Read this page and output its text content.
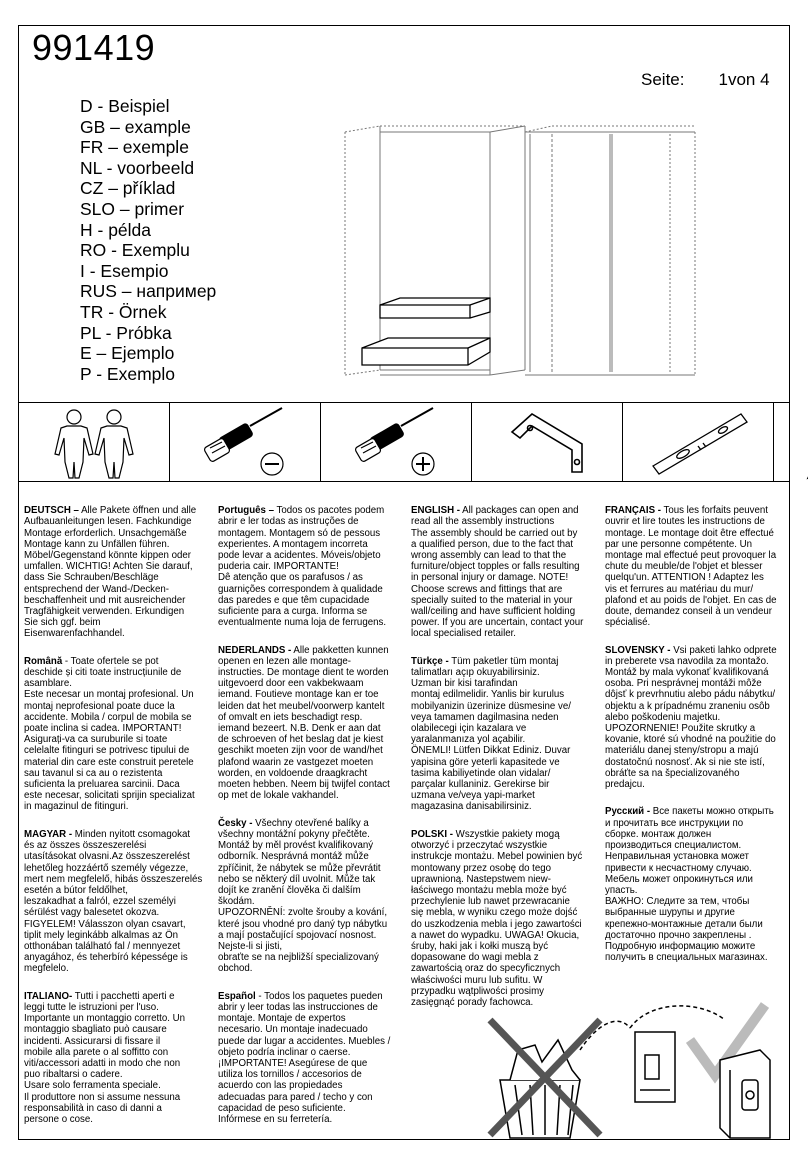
991419
Seite: 1von 4
D - Beispiel
GB – example
FR – exemple
NL - voorbeeld
CZ – příklad
SLO – primer
H - példa
RO - Exemplu
I - Esempio
RUS – например
TR - Örnek
PL - Próbka
E – Ejemplo
P - Exemplo

DEUTSCH – Alle Pakete öffnen und alle
Aufbauanleitungen lesen. Fachkundige
Montage erforderlich. Unsachgemäße
Montage kann zu Unfällen führen.
Möbel/Gegenstand könnte kippen oder
umfallen. WICHTIG! Achten Sie darauf,
dass Sie Schrauben/Beschläge
entsprechend der Wand-/Decken-
beschaffenheit und mit ausreichender
Tragfähigkeit verwenden. Erkundigen
Sie sich ggf. beim
Eisenwarenfachhandel.

Română - Toate ofertele se pot
deschide și citi toate instrucțiunile de
asamblare.
Este necesar un montaj profesional. Un
montaj neprofesional poate duce la
accidente. Mobila / corpul de mobila se
poate inclina si cadea. IMPORTANT!
Asigurați-va ca suruburile si toate
celelalte fitinguri se potrivesc tipului de
material din care este construit peretele
sau tavanul si ca au o rezistenta
suficienta la preluarea sarcinii. Daca
este necesar, solicitati sprijin specializat
in magazinul de fitinguri.

MAGYAR - Minden nyitott csomagokat
és az összes összeszerelési
utasításokat olvasni.Az összeszerelést
lehetőleg hozzáértő személy végezze,
mert nem megfelelő, hibás összeszerelés
esetén a bútor feldőlhet,
leszakadhat a falról, ezzel személyi
sérülést vagy balesetet okozva.
FIGYELEM! Válasszon olyan csavart,
tiplit mely leginkább alkalmas az Ön
otthonában található fal / mennyezet
anyagához, és teherbíró képessége is
megfelelo.

ITALIANO- Tutti i pacchetti aperti e
leggi tutte le istruzioni per l'uso.
Importante un montaggio corretto. Un
montaggio sbagliato può causare
incidenti. Assicurarsi di fissare il
mobile alla parete o al soffitto con
viti/accessori adatti in modo che non
puo ribaltarsi o cadere.
Usare solo ferramenta speciale.
Il produttore non si assume nessuna
responsabilità in caso di danni a
persone o cose.

Português – Todos os pacotes podem
abrir e ler todas as instruções de
montagem. Montagem só de pessous
experientes. A montagem incorreta
pode levar a acidentes. Móveis/objeto
puderia cair. IMPORTANTE!
Dê atenção que os parafusos / as
guarnições correspondem à qualidade
das paredes e que têm cupacidade
suficiente para a curga. Informa se
eventualmente numa loja de ferrugens.

NEDERLANDS - Alle pakketten kunnen
openen en lezen alle montage-
instructies. De montage dient te worden
uitgevoerd door een vakbekwaam
iemand. Foutieve montage kan er toe
leiden dat het meubel/voorwerp kantelt
of omvalt en iets beschadigt resp.
iemand bezeert. N.B. Denk er aan dat
de schroeven of het beslag dat je kiest
geschikt moeten zijn voor de wand/het
plafond waarin ze vastgezet moeten
worden, en voldoende draagkracht
moeten hebben. Neem bij twijfel contact
op met de lokale vakhandel.

Česky - Všechny otevřené balíky a
všechny montážní pokyny přečtěte.
Montáž by měl provést kvalifikovaný
odborník. Nesprávná montáž může
zpříčinit, že nábytek se může převrátit
nebo se některý díl uvolnit. Může tak
dojít ke zranění člověka či dalším
škodám.
UPOZORNĚNÍ: zvolte šrouby a kování,
které jsou vhodné pro daný typ nábytku
a mají postačující spojovací nosnost.
Nejste-li si jisti,
obraťte se na nejbližší specializovaný
obchod.

Español - Todos los paquetes pueden
abrir y leer todas las instrucciones de
montaje. Montaje de expertos
necesario. Un montaje inadecuado
puede dar lugar a accidentes. Muebles /
objeto podría inclinar o caerse.
¡IMPORTANTE! Asegúrese de que
utiliza los tornillos / accesorios de
acuerdo con las propiedades
adecuadas para pared / techo y con
capacidad de peso suficiente.
Infórmese en su ferretería.

ENGLISH - All packages can open and
read all the assembly instructions
The assembly should be carried out by
a qualified person, due to the fact that
wrong assembly can lead to that the
furniture/object topples or falls resulting
in personal injury or damage. NOTE!
Choose screws and fittings that are
specially suited to the material in your
wall/ceiling and have sufficient holding
power. If you are uncertain, contact your
local specialised retailer.

Türkçe - Tüm paketler tüm montaj
talimatları açıp okuyabilirsiniz.
Uzman bir kisi tarafindan
montaj edilmelidir. Yanlis bir kurulus
mobilyanizin üzerinize düsmesine ve/
veya tamamen dagilmasina neden
olabilecegi için kazalara ve
yaralanmanıza yol açabilir.
ÖNEMLI! Lütfen Dikkat Ediniz. Duvar
yapisina göre yeterli kapasitede ve
tasima kabiliyetinde olan vidalar/
parçalar kullaniniz. Gerekirse bir
uzmana ve/veya yapi-market
magazasina danisabilirsiniz.

POLSKI - Wszystkie pakiety mogą
otworzyć i przeczytać wszystkie
instrukcje montażu. Mebel powinien być
montowany przez osobę do tego
uprawnioną. Nastepstwem niew-
łaściwego montażu mebla może być
przechylenie lub nawet przewracanie
się mebla, w wyniku czego może dojść
do uszkodzenia mebla i jego zawartości
a nawet do wypadku. UWAGA! Okucia,
śruby, haki jak i kołki muszą być
dopasowane do wagi mebla z
zawartością oraz do specyficznych
właściwości muru lub sufitu. W
przypadku wątpliwości prosimy
zasięgnąć porady fachowca.

FRANÇAIS - Tous les forfaits peuvent
ouvrir et lire toutes les instructions de
montage. Le montage doit être effectué
par une personne compétente. Un
montage mal effectué peut provoquer la
chute du meuble/de l'objet et blesser
quelqu'un. ATTENTION ! Adaptez les
vis et ferrures au matériau du mur/
plafond et au poids de l'objet. En cas de
doute, demandez conseil à un vendeur
spécialisé.

SLOVENSKY - Vsi paketi lahko odprete
in preberete vsa navodila za montažo.
Montáž by mala vykonať kvalifikovaná
osoba. Pri nesprávnej montáži môže
dôjsť k prevrhnutiu alebo pádu nábytku/
objektu a k prípadnému zraneniu osôb
alebo poškodeniu majetku.
UPOZORNENIE! Použite skrutky a
kovanie, ktoré sú vhodné na použitie do
materiálu danej steny/stropu a majú
dostatočnú nosnosť. Ak si nie ste istí,
obráťte sa na špecializovaného
predajcu.

Русский - Все пакеты можно открыть
и прочитать все инструкции по
сборке. монтаж должен
производиться специалистом.
Неправильная установка может
привести к несчастному случаю.
Мебель может опрокинуться или
упасть.
ВАЖНО: Следите за тем, чтобы
выбранные шурупы и другие
крепежно-монтажные детали были
достаточно прочно закреплены .
Подробную информацию можите
получить в специальных магазинах.
